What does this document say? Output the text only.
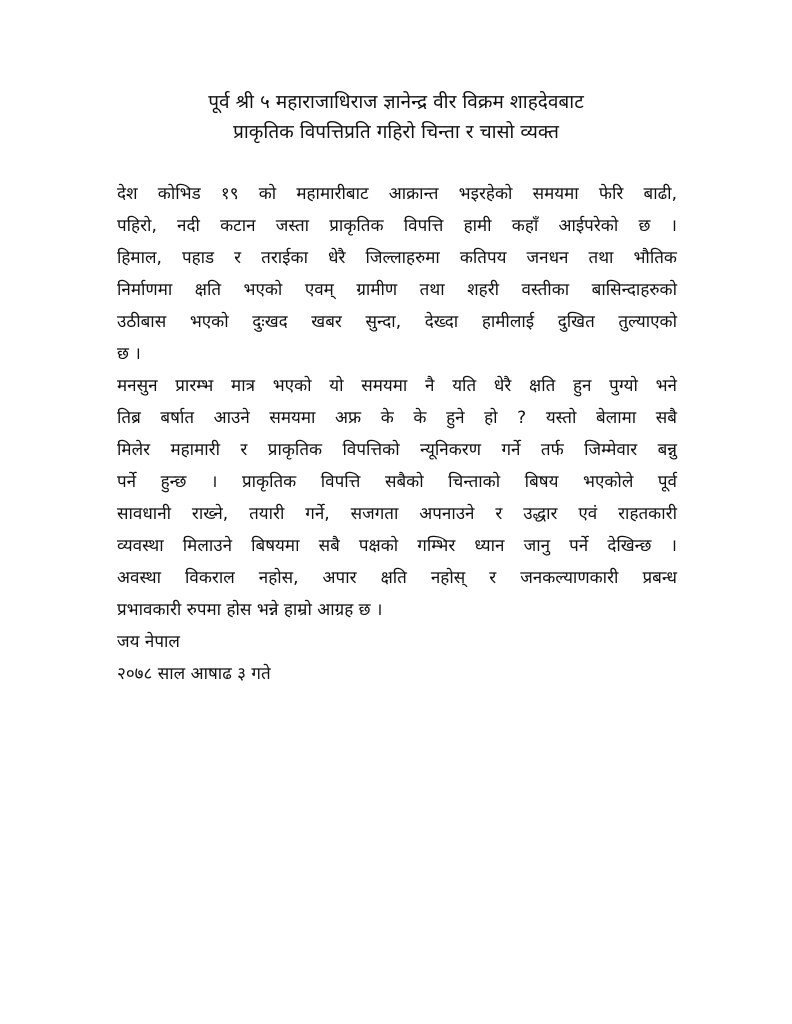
पूर्व श्री ५ महाराजाधिराज ज्ञानेन्द्र वीर विक्रम शाहदेवबाट
प्राकृतिक विपत्तिप्रति गहिरो चिन्ता र चासो व्यक्त
देश कोभिड १९ को महामारीबाट आक्रान्त भइरहेको समयमा फेरि बाढी,
पहिरो, नदी कटान जस्ता प्राकृतिक विपत्ति हामी कहाँ आईपरेको छ ।
हिमाल, पहाड र तराईका धेरै जिल्लाहरुमा कतिपय जनधन तथा भौतिक
निर्माणमा क्षति भएको एवम् ग्रामीण तथा शहरी वस्तीका बासिन्दाहरुको
उठीबास भएको दुःखद खबर सुन्दा, देख्दा हामीलाई दुखित तुल्याएको
छ ।
मनसुन प्रारम्भ मात्र भएको यो समयमा नै यति धेरै क्षति हुन पुग्यो भने
तिब्र बर्षात आउने समयमा अफ्र के के हुने हो ? यस्तो बेलामा सबै
मिलेर महामारी र प्राकृतिक विपत्तिको न्यूनिकरण गर्ने तर्फ जिम्मेवार बन्नु
पर्ने हुन्छ । प्राकृतिक विपत्ति सबैको चिन्ताको बिषय भएकोले पूर्व
सावधानी राख्ने, तयारी गर्ने, सजगता अपनाउने र उद्धार एवं राहतकारी
व्यवस्था मिलाउने बिषयमा सबै पक्षको गम्भिर ध्यान जानु पर्ने देखिन्छ ।
अवस्था विकराल नहोस, अपार क्षति नहोस् र जनकल्याणकारी प्रबन्ध
प्रभावकारी रुपमा होस भन्ने हाम्रो आग्रह छ ।
जय नेपाल
२०७८ साल आषाढ ३ गते
